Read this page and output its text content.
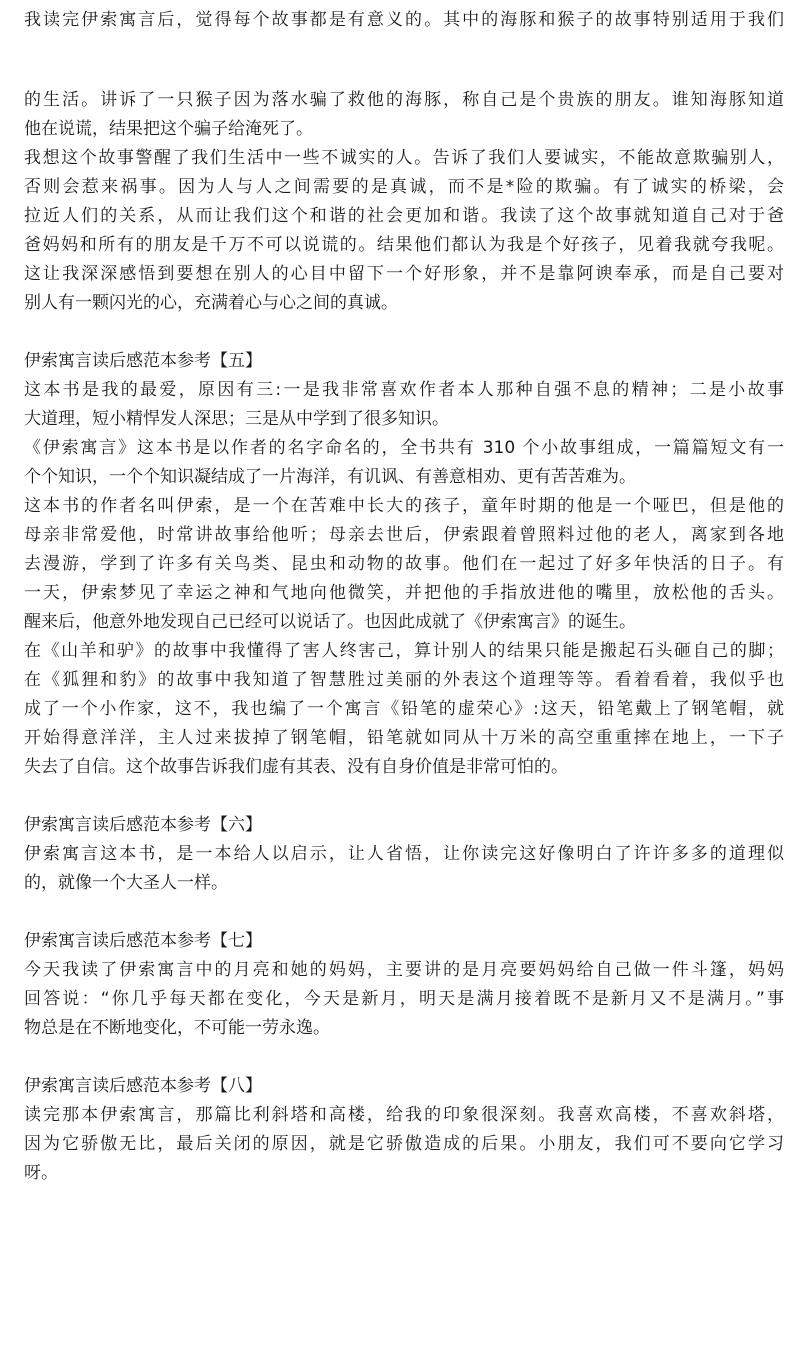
我读完伊索寓言后，觉得每个故事都是有意义的。其中的海豚和猴子的故事特别适用于我们
的生活。讲诉了一只猴子因为落水骗了救他的海豚，称自己是个贵族的朋友。谁知海豚知道
他在说谎，结果把这个骗子给淹死了。
我想这个故事警醒了我们生活中一些不诚实的人。告诉了我们人要诚实，不能故意欺骗别人，
否则会惹来祸事。因为人与人之间需要的是真诚，而不是*险的欺骗。有了诚实的桥梁，会
拉近人们的关系，从而让我们这个和谐的社会更加和谐。我读了这个故事就知道自己对于爸
爸妈妈和所有的朋友是千万不可以说谎的。结果他们都认为我是个好孩子，见着我就夸我呢。
这让我深深感悟到要想在别人的心目中留下一个好形象，并不是靠阿谀奉承，而是自己要对
别人有一颗闪光的心，充满着心与心之间的真诚。
伊索寓言读后感范本参考【五】
这本书是我的最爱，原因有三:一是我非常喜欢作者本人那种自强不息的精神；二是小故事
大道理，短小精悍发人深思；三是从中学到了很多知识。
《伊索寓言》这本书是以作者的名字命名的，全书共有 310 个小故事组成，一篇篇短文有一
个个知识，一个个知识凝结成了一片海洋，有讥讽、有善意相劝、更有苦苦难为。
这本书的作者名叫伊索，是一个在苦难中长大的孩子，童年时期的他是一个哑巴，但是他的
母亲非常爱他，时常讲故事给他听；母亲去世后，伊索跟着曾照料过他的老人，离家到各地
去漫游，学到了许多有关鸟类、昆虫和动物的故事。他们在一起过了好多年快活的日子。有
一天，伊索梦见了幸运之神和气地向他微笑，并把他的手指放进他的嘴里，放松他的舌头。
醒来后，他意外地发现自己已经可以说话了。也因此成就了《伊索寓言》的诞生。
在《山羊和驴》的故事中我懂得了害人终害己，算计别人的结果只能是搬起石头砸自己的脚；
在《狐狸和豹》的故事中我知道了智慧胜过美丽的外表这个道理等等。看着看着，我似乎也
成了一个小作家，这不，我也编了一个寓言《铅笔的虚荣心》:这天，铅笔戴上了钢笔帽，就
开始得意洋洋，主人过来拔掉了钢笔帽，铅笔就如同从十万米的高空重重摔在地上，一下子
失去了自信。这个故事告诉我们虚有其表、没有自身价值是非常可怕的。
伊索寓言读后感范本参考【六】
伊索寓言这本书，是一本给人以启示，让人省悟，让你读完这好像明白了许许多多的道理似
的，就像一个大圣人一样。
伊索寓言读后感范本参考【七】
今天我读了伊索寓言中的月亮和她的妈妈，主要讲的是月亮要妈妈给自己做一件斗篷，妈妈
回答说：“你几乎每天都在变化，今天是新月，明天是满月接着既不是新月又不是满月。”事
物总是在不断地变化，不可能一劳永逸。
伊索寓言读后感范本参考【八】
读完那本伊索寓言，那篇比利斜塔和高楼，给我的印象很深刻。我喜欢高楼，不喜欢斜塔，
因为它骄傲无比，最后关闭的原因，就是它骄傲造成的后果。小朋友，我们可不要向它学习
呀。
